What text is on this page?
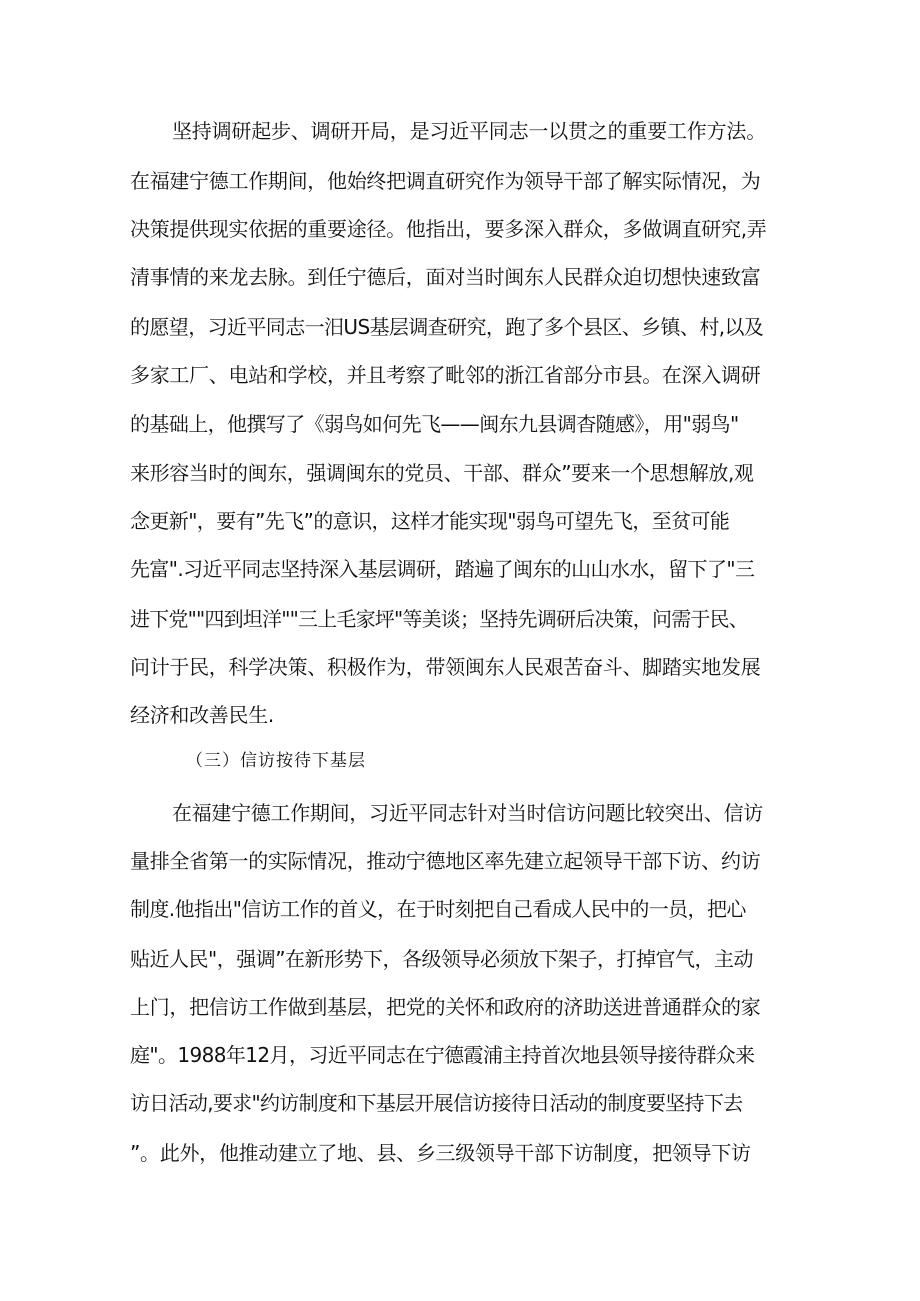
坚持调研起步、调研开局，是习近平同志一以贯之的重要工作方法。
在福建宁德工作期间，他始终把调直研究作为领导干部了解实际情况，为
决策提供现实依据的重要途径。他指出，要多深入群众，多做调直研究,弄
清事情的来龙去脉。到任宁德后，面对当时闽东人民群众迫切想快速致富
的愿望，习近平同志一汨US基层调查研究，跑了多个县区、乡镇、村,以及
多家工厂、电站和学校，并且考察了毗邻的浙江省部分市县。在深入调研
的基础上，他撰写了《弱鸟如何先飞——闽东九县调杳随感》，用"弱鸟"
来形容当时的闽东，强调闽东的党员、干部、群众”要来一个思想解放,观
念更新"，要有”先飞”的意识，这样才能实现"弱鸟可望先飞，至贫可能
先富".习近平同志坚持深入基层调研，踏遍了闽东的山山水水，留下了"三
进下党""四到坦洋""三上毛家坪"等美谈；坚持先调研后决策，问需于民、
问计于民，科学决策、积极作为，带领闽东人民艰苦奋斗、脚踏实地发展
经济和改善民生.
（三）信访按待下基层
在福建宁德工作期间，习近平同志针对当时信访问题比较突出、信访
量排全省第一的实际情况，推动宁德地区率先建立起领导干部下访、约访
制度.他指出"信访工作的首义，在于时刻把自己看成人民中的一员，把心
贴近人民"，强调”在新形势下，各级领导必须放下架子，打掉官气，主动
上门，把信访工作做到基层，把党的关怀和政府的济助送进普通群众的家
庭"。1988年12月，习近平同志在宁德霞浦主持首次地县领导接待群众来
访日活动,要求"约访制度和下基层开展信访接待日活动的制度要坚持下去
”。此外，他推动建立了地、县、乡三级领导干部下访制度，把领导下访
